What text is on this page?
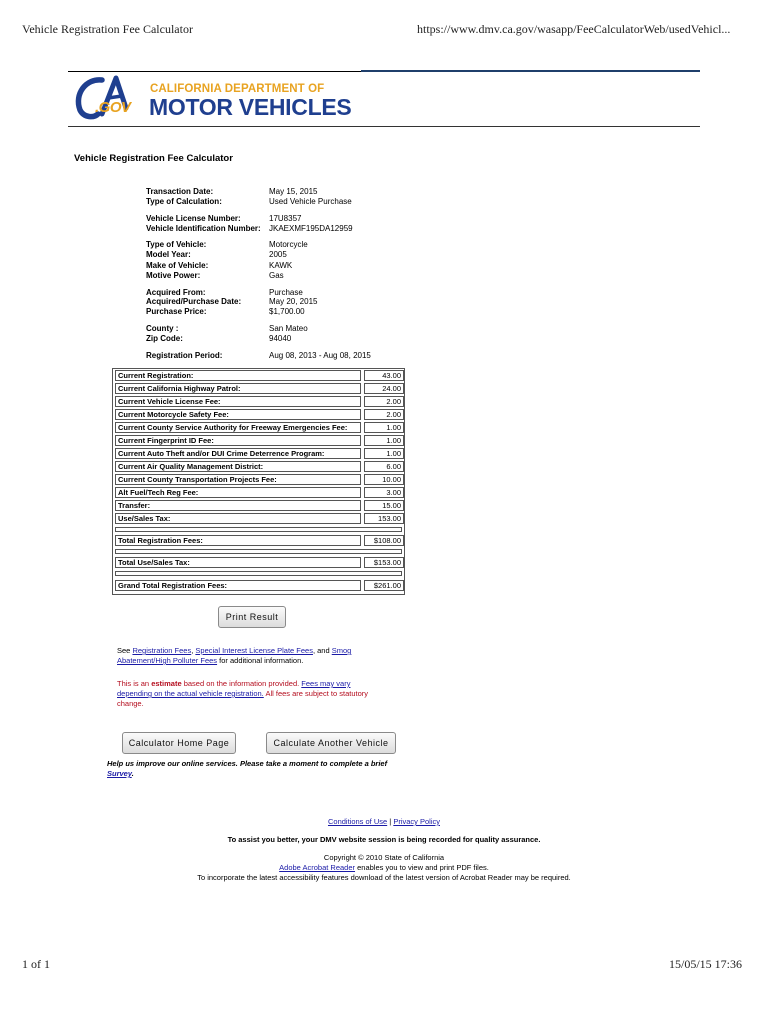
Vehicle Registration Fee Calculator	https://www.dmv.ca.gov/wasapp/FeeCalculatorWeb/usedVehicl...
.GOV
CALIFORNIA DEPARTMENT OF
MOTOR VEHICLES
Vehicle Registration Fee Calculator
Transaction Date:	May 15, 2015
Type of Calculation:	Used Vehicle Purchase
Vehicle License Number:	17U8357
Vehicle Identification Number: JKAEXMF195DA12959
Type of Vehicle:	Motorcycle
Model Year:	2005
Make of Vehicle:	KAWK
Motive Power:	Gas
Acquired From:	Purchase
Acquired/Purchase Date:	May 20, 2015
Purchase Price:	$1,700.00
County :	San Mateo
Zip Code:	94040
Registration Period:	Aug 08, 2013 - Aug 08, 2015
Current Registration:	43.00
Current California Highway Patrol:	24.00
Current Vehicle License Fee:	2.00
Current Motorcycle Safety Fee:	2.00
Current County Service Authority for Freeway Emergencies Fee:	1.00
Current Fingerprint ID Fee:	1.00
Current Auto Theft and/or DUI Crime Deterrence Program:	1.00
Current Air Quality Management District:	6.00
Current County Transportation Projects Fee:	10.00
Alt Fuel/Tech Reg Fee:	3.00
Transfer:	15.00
Use/Sales Tax:	153.00
Total Registration Fees:	$108.00
Total Use/Sales Tax:	$153.00
Grand Total Registration Fees:	$261.00
Print Result
See Registration Fees, Special Interest License Plate Fees, and Smog
Abatement/High Polluter Fees for additional information.
This is an estimate based on the information provided. Fees may vary
depending on the actual vehicle registration. All fees are subject to statutory
change.
Calculator Home Page	Calculate Another Vehicle
Help us improve our online services. Please take a moment to complete a brief
Survey.
Conditions of Use | Privacy Policy
To assist you better, your DMV website session is being recorded for quality assurance.
Copyright © 2010 State of California
Adobe Acrobat Reader enables you to view and print PDF files.
To incorporate the latest accessibility features download of the latest version of Acrobat Reader may be required.
1 of 1	15/05/15 17:36
